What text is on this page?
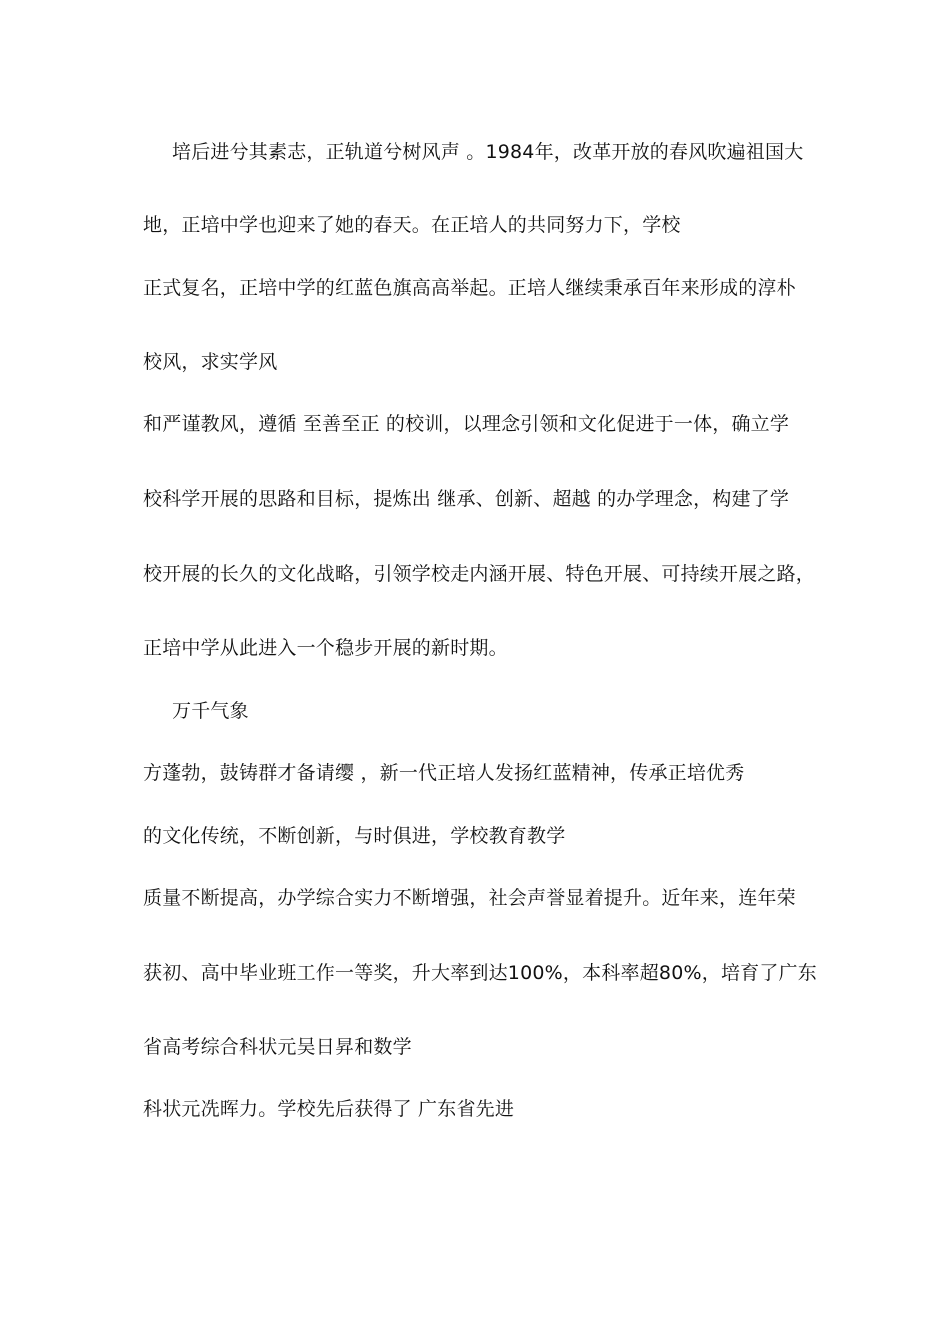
培后进兮其素志，正轨道兮树风声 。1984年，改革开放的春风吹遍祖国大
地，正培中学也迎来了她的春天。在正培人的共同努力下，学校
正式复名，正培中学的红蓝色旗高高举起。正培人继续秉承百年来形成的淳朴
校风，求实学风
和严谨教风，遵循 至善至正 的校训，以理念引领和文化促进于一体，确立学
校科学开展的思路和目标，提炼出 继承、创新、超越 的办学理念，构建了学
校开展的长久的文化战略，引领学校走内涵开展、特色开展、可持续开展之路，
正培中学从此进入一个稳步开展的新时期。
万千气象
方蓬勃，鼓铸群才备请缨 ，新一代正培人发扬红蓝精神，传承正培优秀
的文化传统，不断创新，与时俱进，学校教育教学
质量不断提高，办学综合实力不断增强，社会声誉显着提升。近年来，连年荣
获初、高中毕业班工作一等奖，升大率到达100%，本科率超80%，培育了广东
省高考综合科状元吴日昇和数学
科状元冼晖力。学校先后获得了 广东省先进
